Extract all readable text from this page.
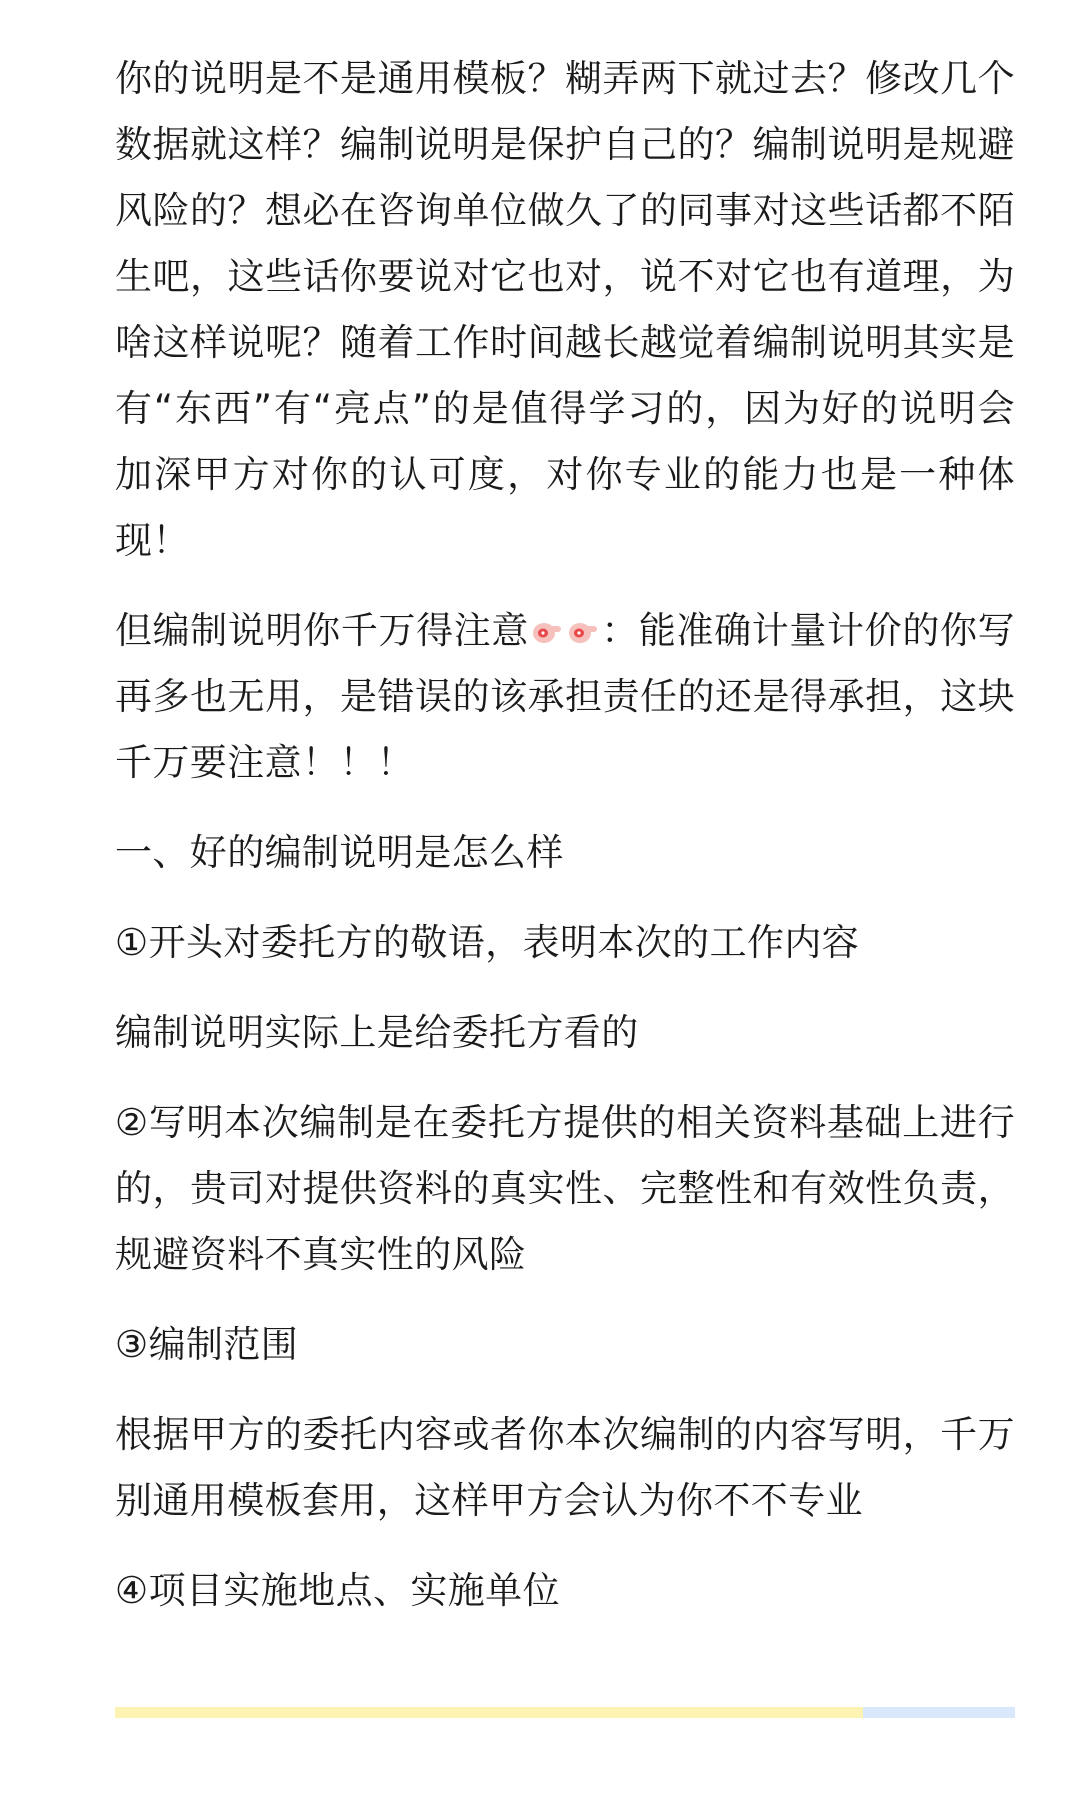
你的说明是不是通用模板？糊弄两下就过去？修改几个数据就这样？编制说明是保护自己的？编制说明是规避风险的？想必在咨询单位做久了的同事对这些话都不陌生吧，这些话你要说对它也对，说不对它也有道理，为啥这样说呢？随着工作时间越长越觉着编制说明其实是有“东西”有“亮点”的是值得学习的，因为好的说明会加深甲方对你的认可度，对你专业的能力也是一种体现！

但编制说明你千万得注意 ：能准确计量计价的你写再多也无用，是错误的该承担责任的还是得承担，这块千万要注意！！！

一、好的编制说明是怎么样

①开头对委托方的敬语，表明本次的工作内容

编制说明实际上是给委托方看的

②写明本次编制是在委托方提供的相关资料基础上进行的，贵司对提供资料的真实性、完整性和有效性负责，规避资料不真实性的风险

③编制范围

根据甲方的委托内容或者你本次编制的内容写明，千万别通用模板套用，这样甲方会认为你不不专业

④项目实施地点、实施单位
